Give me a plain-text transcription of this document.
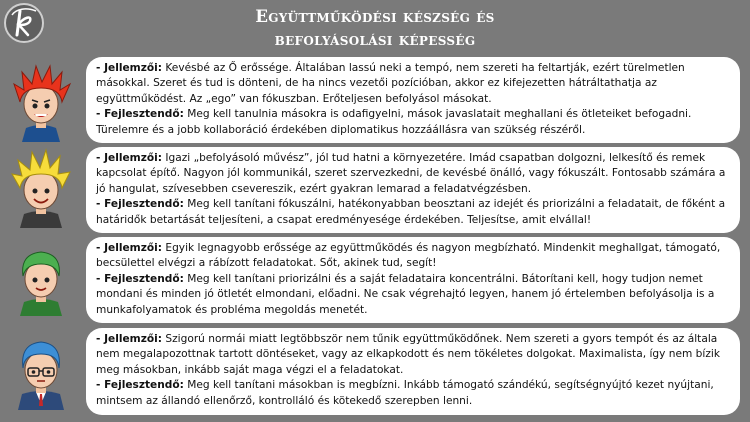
Együttműködési készség és
befolyásolási képesség

- Jellemzői: Kevésbé az Ő erőssége. Általában lassú neki a tempó, nem szereti ha feltartják, ezért türelmetlen másokkal. Szeret és tud is dönteni, de ha nincs vezetői pozícióban, akkor ez kifejezetten hátráltathatja az együttműködést. Az „ego” van fókuszban. Erőteljesen befolyásol másokat.

- Fejlesztendő: Meg kell tanulnia másokra is odafigyelni, mások javaslatait meghallani és ötleteiket befogadni. Türelemre és a jobb kollaboráció érdekében diplomatikus hozzáállásra van szükség részéről.

- Jellemzői: Igazi „befolyásoló művész”, jól tud hatni a környezetére. Imád csapatban dolgozni, lelkesítő és remek kapcsolat építő. Nagyon jól kommunikál, szeret szervezkedni, de kevésbé önálló, vagy fókuszált. Fontosabb számára a jó hangulat, szívesebben csevereszik, ezért gyakran lemarad a feladatvégzésben.

- Fejlesztendő: Meg kell tanítani fókuszálni, hatékonyabban beosztani az idejét és priorizálni a feladatait, de főként a határidők betartását teljesíteni, a csapat eredményesége érdekében. Teljesítse, amit elvállal!

- Jellemzői: Egyik legnagyobb erőssége az együttműködés és nagyon megbízható. Mindenkit meghallgat, támogató, becsülettel elvégzi a rábízott feladatokat. Sőt, akinek tud, segít!

- Fejlesztendő: Meg kell tanítani priorizálni és a saját feladataira koncentrálni. Bátorítani kell, hogy tudjon nemet mondani és minden jó ötletét elmondani, előadni. Ne csak végrehajtó legyen, hanem jó értelemben befolyásolja is a munkafolyamatok és probléma megoldás menetét.

- Jellemzői: Szigorú normái miatt legtöbbször nem tűnik együttműködőnek. Nem szereti a gyors tempót és az általa nem megalapozottnak tartott döntéseket, vagy az elkapkodott és nem tökéletes dolgokat. Maximalista, így nem bízik meg másokban, inkább saját maga végzi el a feladatokat.

- Fejlesztendő: Meg kell tanítani másokban is megbízni. Inkább támogató szándékú, segítségnyújtó kezet nyújtani, mintsem az állandó ellenőrző, kontrolláló és kötekedő szerepben lenni.
